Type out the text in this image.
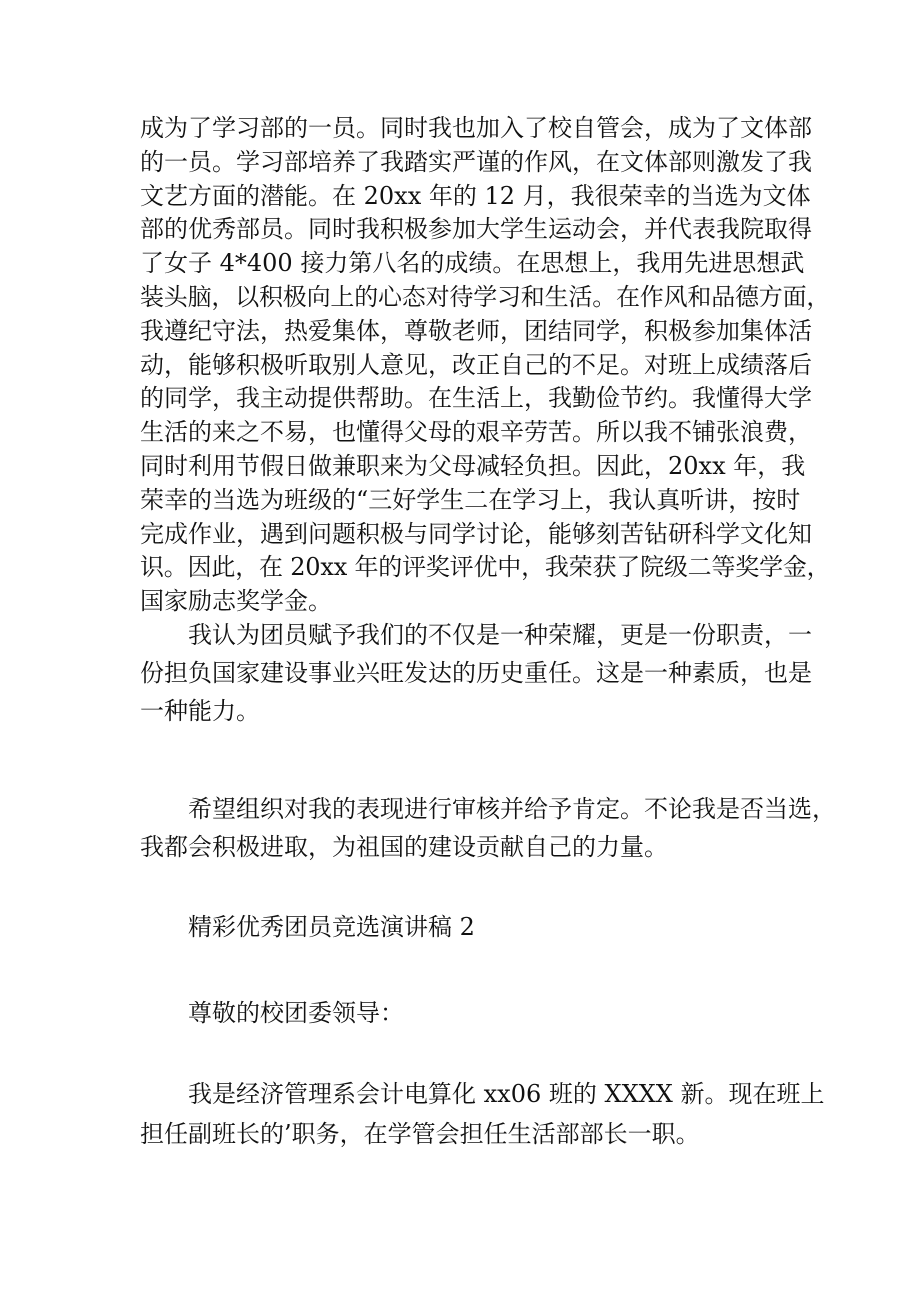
成为了学习部的一员。同时我也加入了校自管会，成为了文体部
的一员。学习部培养了我踏实严谨的作风，在文体部则激发了我
文艺方面的潜能。在 20xx 年的 12 月，我很荣幸的当选为文体
部的优秀部员。同时我积极参加大学生运动会，并代表我院取得
了女子 4*400 接力第八名的成绩。在思想上，我用先进思想武
装头脑，以积极向上的心态对待学习和生活。在作风和品德方面，
我遵纪守法，热爱集体，尊敬老师，团结同学，积极参加集体活
动，能够积极听取别人意见，改正自己的不足。对班上成绩落后
的同学，我主动提供帮助。在生活上，我勤俭节约。我懂得大学
生活的来之不易，也懂得父母的艰辛劳苦。所以我不铺张浪费，
同时利用节假日做兼职来为父母减轻负担。因此，20xx 年，我
荣幸的当选为班级的“三好学生二在学习上，我认真听讲，按时
完成作业，遇到问题积极与同学讨论，能够刻苦钻研科学文化知
识。因此，在 20xx 年的评奖评优中，我荣获了院级二等奖学金，
国家励志奖学金。
我认为团员赋予我们的不仅是一种荣耀，更是一份职责，一
份担负国家建设事业兴旺发达的历史重任。这是一种素质，也是
一种能力。
希望组织对我的表现进行审核并给予肯定。不论我是否当选，
我都会积极进取，为祖国的建设贡献自己的力量。
精彩优秀团员竞选演讲稿 2
尊敬的校团委领导：
我是经济管理系会计电算化 xx06 班的 XXXX 新。现在班上
担任副班长的’职务，在学管会担任生活部部长一职。
